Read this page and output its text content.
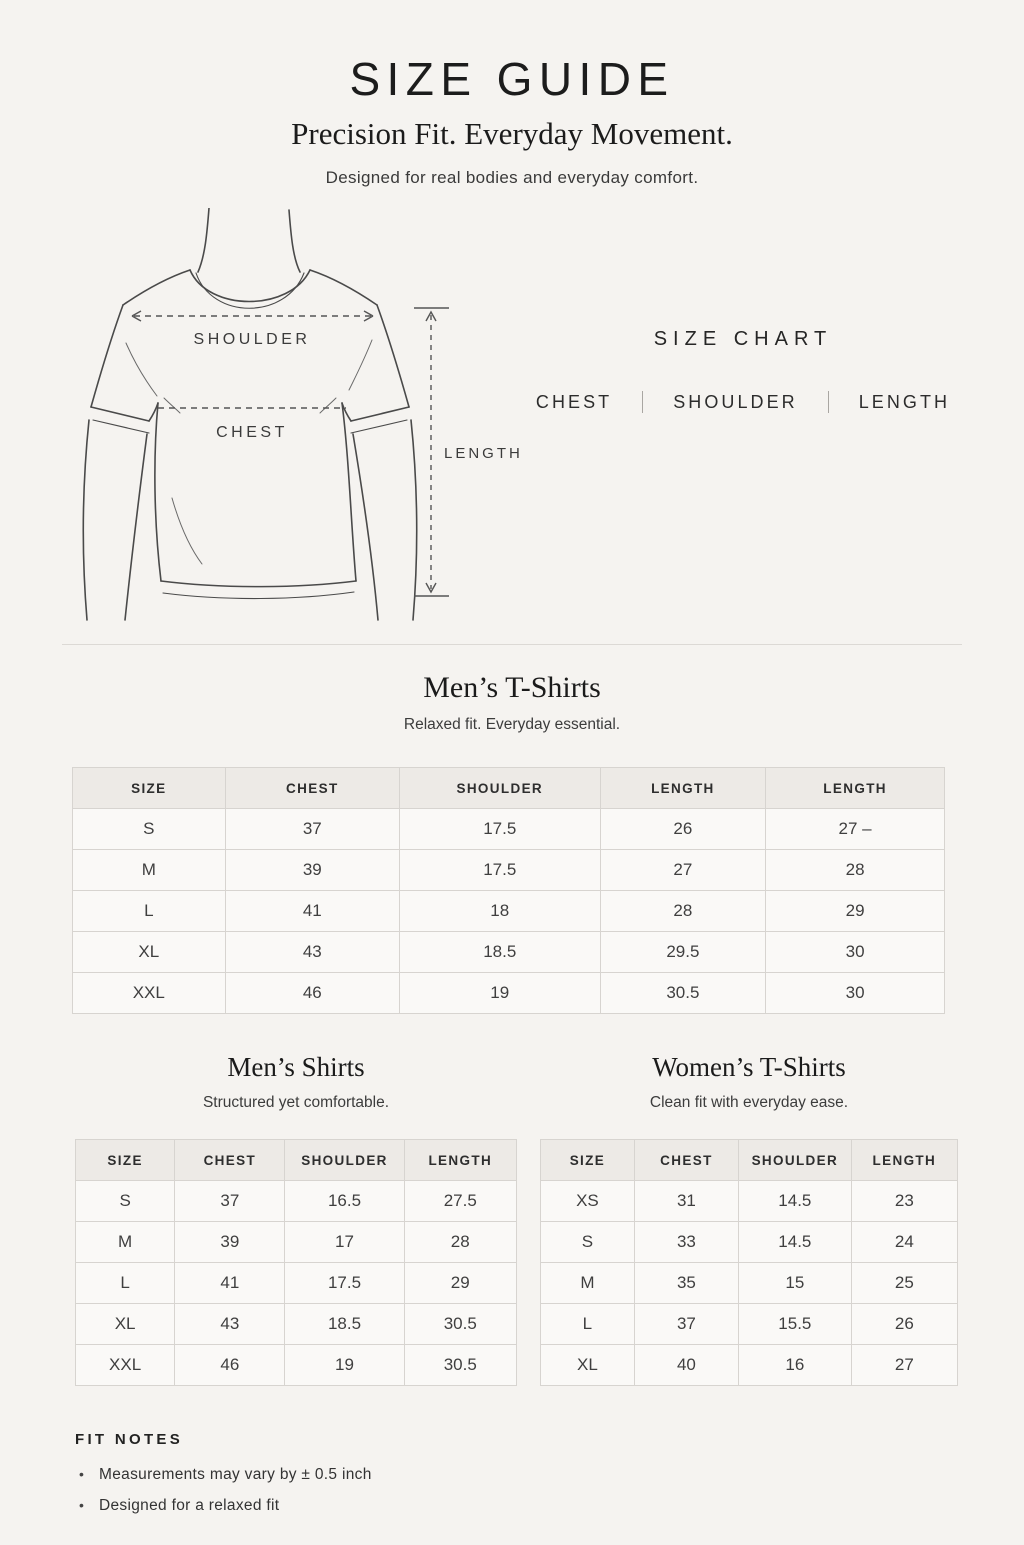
SIZE GUIDE
Precision Fit. Everyday Movement.

Designed for real bodies and everyday comfort.

SHOULDER
CHEST
LENGTH
SIZE CHART
CHEST	SHOULDER	LENGTH
Men’s T-Shirts

Relaxed fit. Everyday essential.

SIZE	CHEST	SHOULDER	LENGTH	LENGTH
S	37	17.5	26	27 –
M	39	17.5	27	28
L	41	18	28	29
XL	43	18.5	29.5	30
XXL	46	19	30.5	30
Men’s Shirts

Structured yet comfortable.

SIZE	CHEST	SHOULDER	LENGTH
S	37	16.5	27.5
M	39	17	28
L	41	17.5	29
XL	43	18.5	30.5
XXL	46	19	30.5
Women’s T-Shirts

Clean fit with everyday ease.

SIZE	CHEST	SHOULDER	LENGTH
XS	31	14.5	23
S	33	14.5	24
M	35	15	25
L	37	15.5	26
XL	40	16	27
FIT NOTES
• Measurements may vary by ± 0.5 inch
• Designed for a relaxed fit
